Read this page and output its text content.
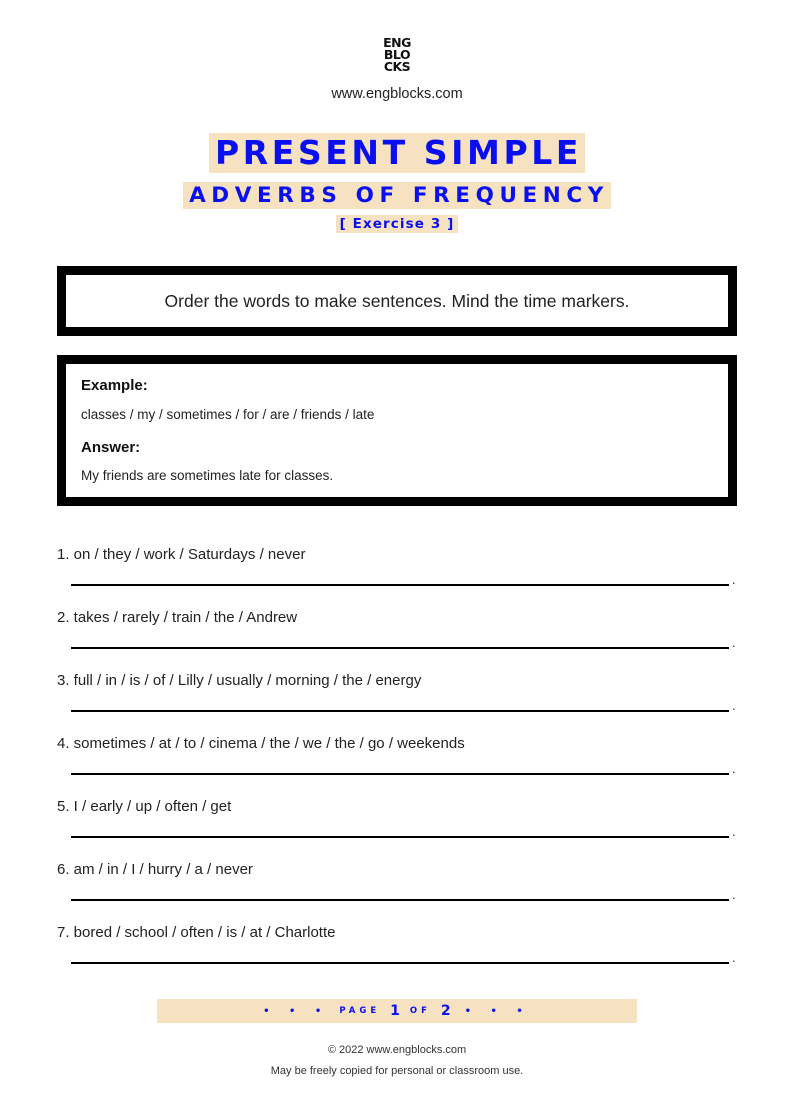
ENG
BLO
CKS
www.engblocks.com
PRESENT SIMPLE
ADVERBS OF FREQUENCY
[ Exercise 3 ]
Order the words to make sentences. Mind the time markers.
Example:
classes / my / sometimes / for / are / friends / late
Answer:
My friends are sometimes late for classes.
1. on / they / work / Saturdays / never
.
2. takes / rarely / train / the / Andrew
.
3. full / in / is / of / Lilly / usually / morning / the / energy
.
4. sometimes / at / to / cinema / the / we / the / go / weekends
.
5. I / early / up / often / get
.
6. am / in / I / hurry / a / never
.
7. bored / school / often / is / at / Charlotte
.
• • • PAGE 1 OF 2 • • •
© 2022 www.engblocks.com
May be freely copied for personal or classroom use.
